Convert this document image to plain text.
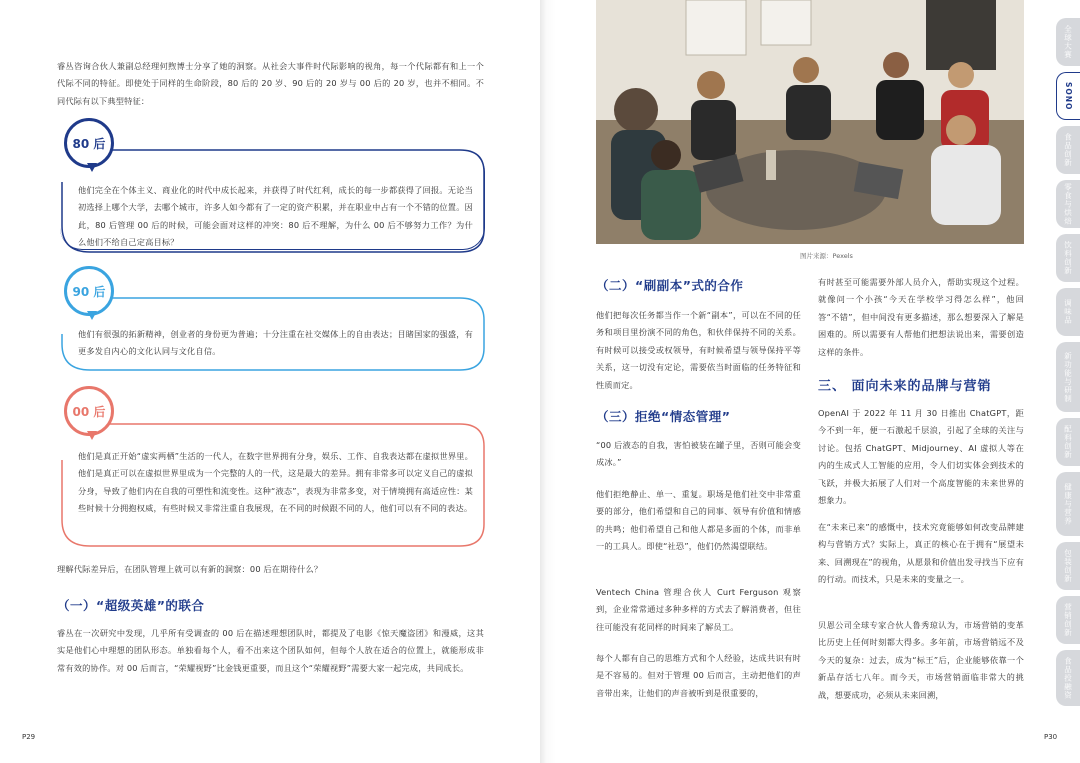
睿丛咨询合伙人兼副总经理何煦博士分享了她的洞察。从社会大事件时代际影响的视角，每一个代际都有和上一个代际不同的特征。即使处于同样的生命阶段，80 后的 20 岁、90 后的 20 岁与 00 后的 20 岁，也并不相同。不同代际有以下典型特征：
80 后
他们完全在个体主义、商业化的时代中成长起来，并获得了时代红利，成长的每一步都获得了回报。无论当初选择上哪个大学，去哪个城市，许多人如今都有了一定的资产积累，并在职业中占有一个不错的位置。因此，80 后管理 00 后的时候，可能会面对这样的冲突：80 后不理解，为什么 00 后不够努力工作？为什么他们不给自己定高目标？
90 后
他们有很强的拓新精神，创业者的身份更为普遍；十分注重在社交媒体上的自由表达；目睹国家的强盛，有更多发自内心的文化认同与文化自信。
00 后
他们是真正开始“虚实两栖”生活的一代人，在数字世界拥有分身，娱乐、工作、自我表达都在虚拟世界里。他们是真正可以在虚拟世界里成为一个完整的人的一代，这是最大的差异。拥有非常多可以定义自己的虚拟分身，导致了他们内在自我的可塑性和流变性。这种“液态”，表现为非常多变，对于情境拥有高适应性：某些时候十分拥抱权威，有些时候又非常注重自我展现，在不同的时候跟不同的人，他们可以有不同的表达。
理解代际差异后，在团队管理上就可以有新的洞察：00 后在期待什么？
（一）“超级英雄”的联合
睿丛在一次研究中发现，几乎所有受调查的 00 后在描述理想团队时，都提及了电影《惊天魔盗团》和漫威，这其实是他们心中理想的团队形态。单独看每个人，看不出来这个团队如何，但每个人放在适合的位置上，就能形成非常有效的协作。对 00 后而言，“荣耀视野”比金钱更重要，而且这个“荣耀视野”需要大家一起完成，共同成长。
P29
图片来源：Pexels
（二）“刷副本”式的合作
他们把每次任务都当作一个新“副本”，可以在不同的任务和项目里扮演不同的角色，和伙伴保持不同的关系。有时候可以接受或权领导，有时候希望与领导保持平等关系，这一切没有定论，需要依当时面临的任务特征和性质而定。
（三）拒绝“情态管理”
“00 后液态的自我，害怕被装在罐子里，否则可能会变成冰。”
他们拒绝静止、单一、重复。职场是他们社交中非常重要的部分，他们希望和自己的同事、领导有价值和情感的共鸣；他们希望自己和他人都是多面的个体，而非单一的工具人。即使“社恐”，他们仍然渴望联结。
Ventech China 管理合伙人 Curt Ferguson 观察到，企业常常通过多种多样的方式去了解消费者，但往往可能没有花同样的时间来了解员工。
每个人都有自己的思维方式和个人经验，达成共识有时是不容易的。但对于管理 00 后而言，主动把他们的声音带出来，让他们的声音被听到是很重要的，
有时甚至可能需要外部人员介入，帮助实现这个过程。就像问一个小孩“今天在学校学习得怎么样”，他回答“不错”，但中间没有更多描述，那么想要深入了解是困难的。所以需要有人帮他们把想法说出来，需要创造这样的条件。
三、 面向未来的品牌与营销
OpenAI 于 2022 年 11 月 30 日推出 ChatGPT，距今不到一年，便一石激起千层浪，引起了全球的关注与讨论。包括 ChatGPT、Midjourney、AI 虚拟人等在内的生成式人工智能的应用，令人们切实体会到技术的飞跃，并极大拓展了人们对一个高度智能的未来世界的想象力。
在“未来已来”的感慨中，技术究竟能够如何改变品牌建构与营销方式？实际上，真正的核心在于拥有“展望未来、回溯现在”的视角，从愿景和价值出发寻找当下应有的行动。而技术，只是未来的变量之一。
贝恩公司全球专家合伙人鲁秀琼认为，市场营销的变革比历史上任何时刻都大得多。多年前，市场营销远不及今天的复杂：过去，成为“标王”后，企业能够依靠一个新品存活七八年。而今天，市场营销面临非常大的挑战，想要成功，必须从未来回溯，
P30
全球大赛
SONO
食品创新
零食与烘焙
饮料创新
调味品
新功能与研制
配料创新
健康与营养
包装创新
营销创新
食品投融资
